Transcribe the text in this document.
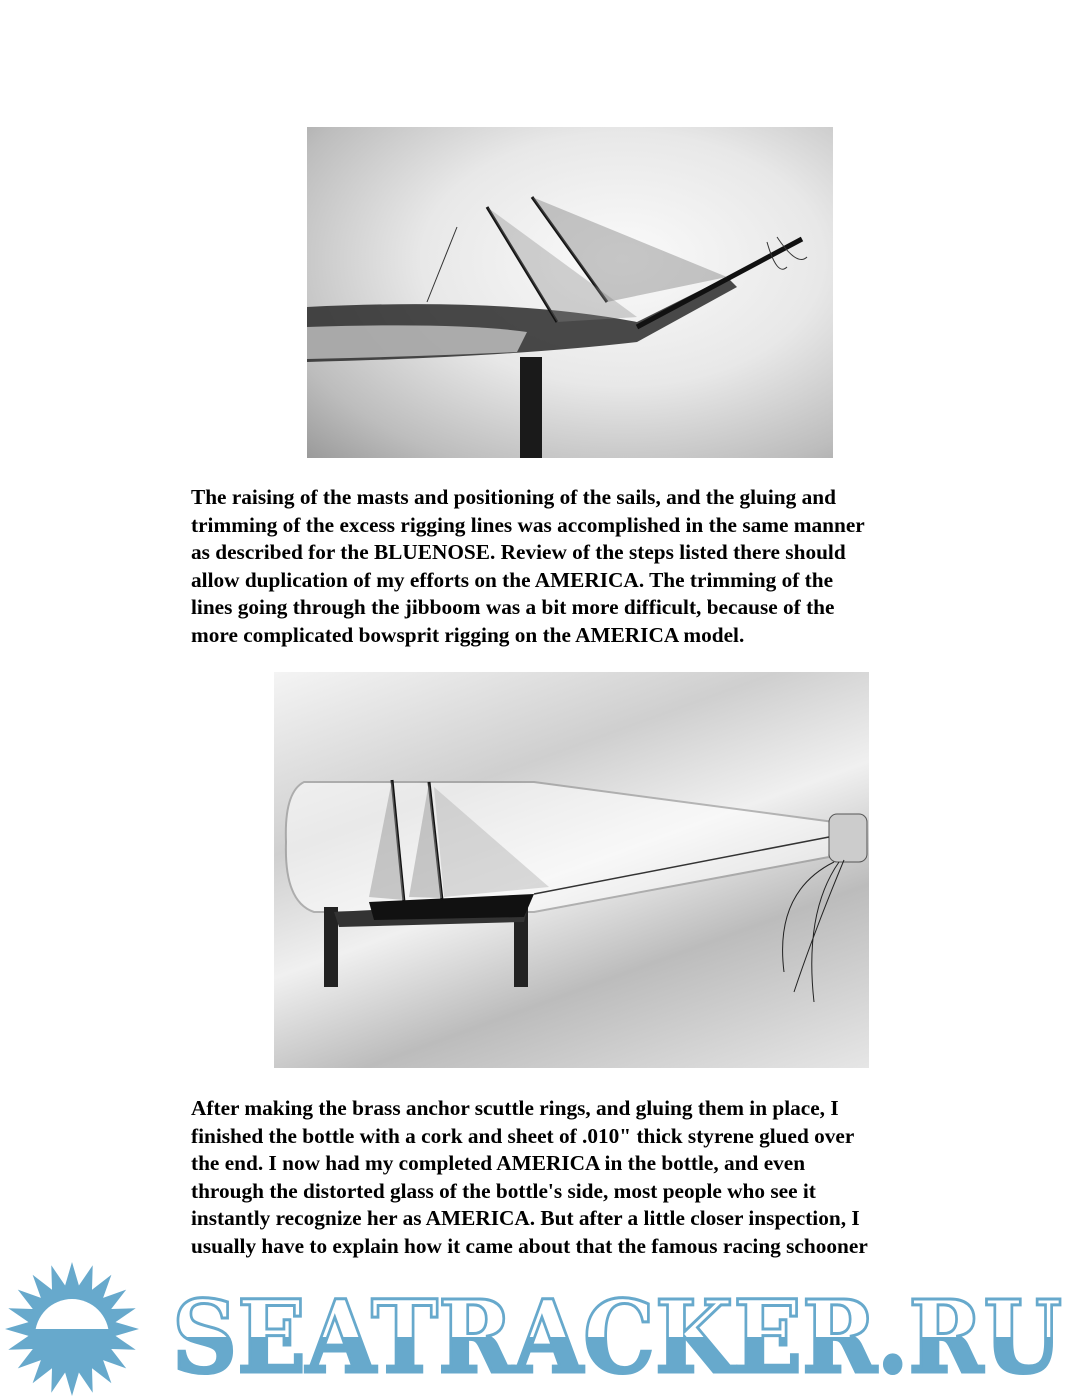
The raising of the masts and positioning of the sails, and the gluing and
trimming of the excess rigging lines was accomplished in the same manner
as described for the BLUENOSE. Review of the steps listed there should
allow duplication of my efforts on the AMERICA. The trimming of the
lines going through the jibboom was a bit more difficult, because of the
more complicated bowsprit rigging on the AMERICA model.
After making the brass anchor scuttle rings, and gluing them in place, I
finished the bottle with a cork and sheet of .010" thick styrene glued over
the end. I now had my completed AMERICA in the bottle, and even
through the distorted glass of the bottle's side, most people who see it
instantly recognize her as AMERICA. But after a little closer inspection, I
usually have to explain how it came about that the famous racing schooner
SEATRACKER.RU
